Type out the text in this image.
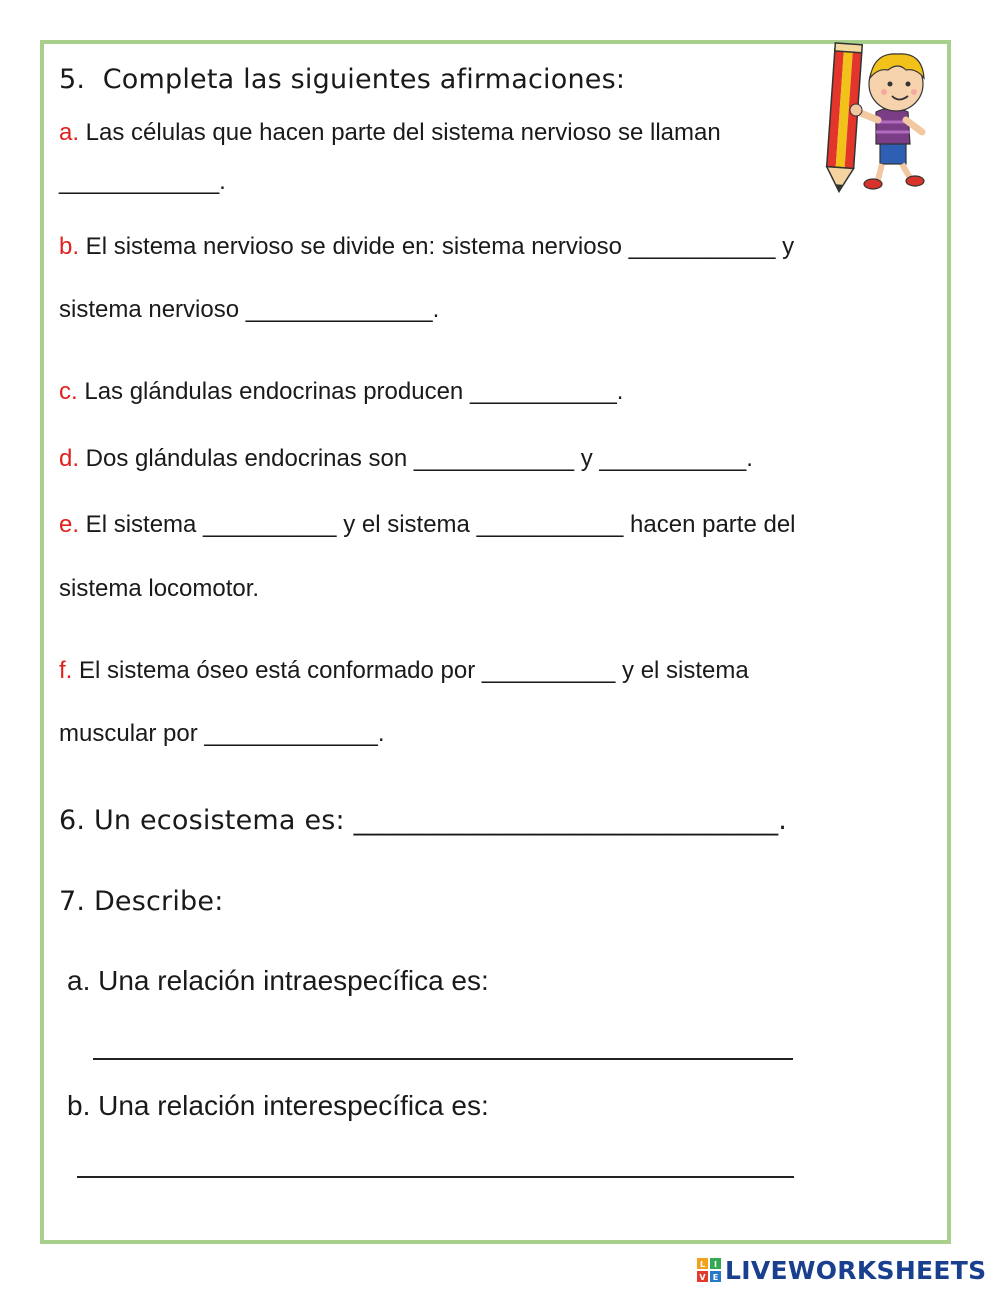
5.  Completa las siguientes afirmaciones:
a. Las células que hacen parte del sistema nervioso se llaman
____________.
b. El sistema nervioso se divide en: sistema nervioso ___________ y
sistema nervioso ______________.
c. Las glándulas endocrinas producen ___________.
d. Dos glándulas endocrinas son ____________ y ___________.
e. El sistema __________ y el sistema ___________ hacen parte del
sistema locomotor.
f. El sistema óseo está conformado por __________ y el sistema
muscular por _____________.
6. Un ecosistema es: _______________________________.
7. Describe:
a. Una relación intraespecífica es:
b. Una relación interespecífica es:
L I
V E LIVEWORKSHEETS
